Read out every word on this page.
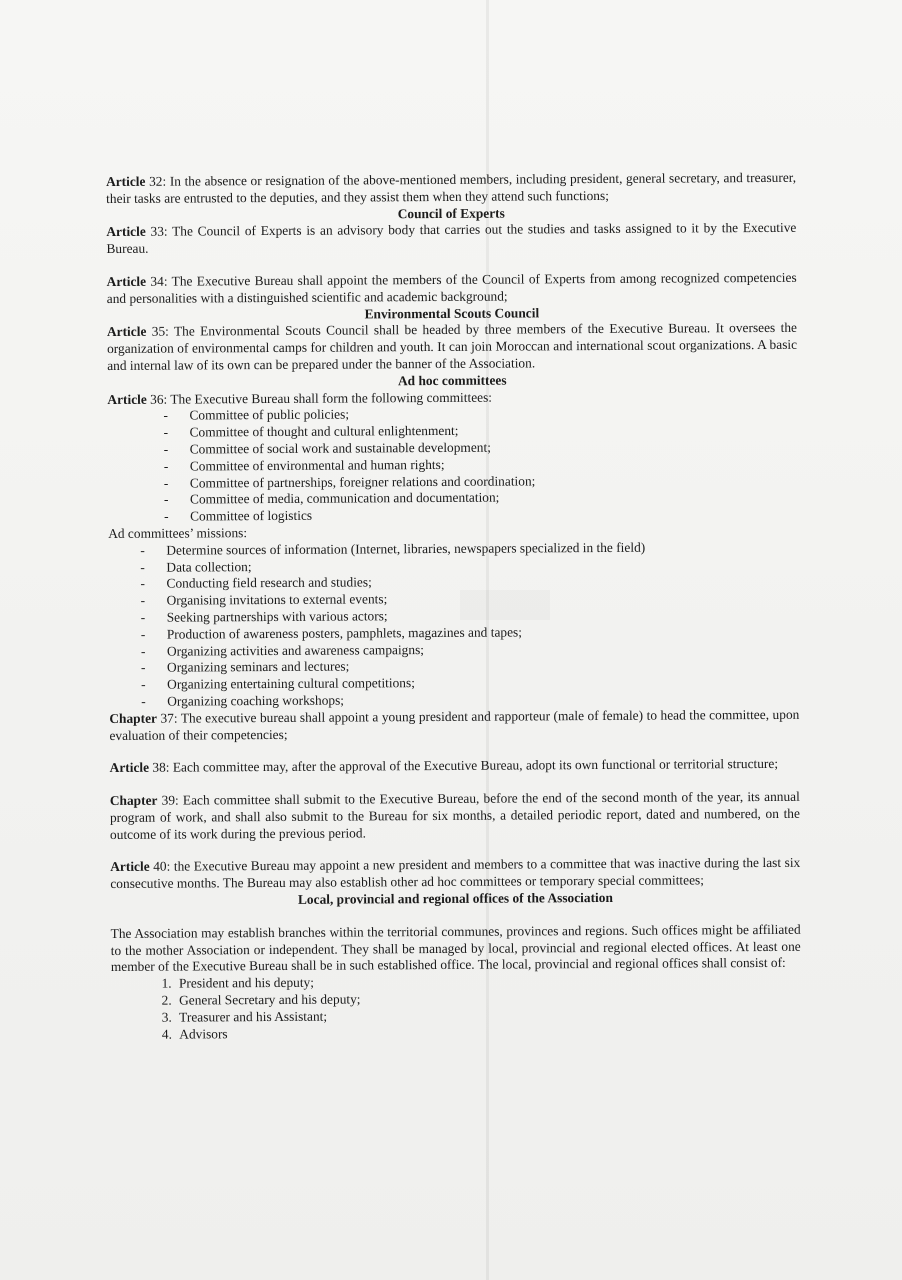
Article 32: In the absence or resignation of the above-mentioned members, including president, general secretary, and treasurer, their tasks are entrusted to the deputies, and they assist them when they attend such functions;

Council of Experts

Article 33: The Council of Experts is an advisory body that carries out the studies and tasks assigned to it by the Executive Bureau.

Article 34: The Executive Bureau shall appoint the members of the Council of Experts from among recognized competencies and personalities with a distinguished scientific and academic background;

Environmental Scouts Council

Article 35: The Environmental Scouts Council shall be headed by three members of the Executive Bureau. It oversees the organization of environmental camps for children and youth. It can join Moroccan and international scout organizations. A basic and internal law of its own can be prepared under the banner of the Association.

Ad hoc committees

Article 36: The Executive Bureau shall form the following committees:

- Committee of public policies;
- Committee of thought and cultural enlightenment;
- Committee of social work and sustainable development;
- Committee of environmental and human rights;
- Committee of partnerships, foreigner relations and coordination;
- Committee of media, communication and documentation;
- Committee of logistics

Ad committees’ missions:

- Determine sources of information (Internet, libraries, newspapers specialized in the field)
- Data collection;
- Conducting field research and studies;
- Organising invitations to external events;
- Seeking partnerships with various actors;
- Production of awareness posters, pamphlets, magazines and tapes;
- Organizing activities and awareness campaigns;
- Organizing seminars and lectures;
- Organizing entertaining cultural competitions;
- Organizing coaching workshops;

Chapter 37: The executive bureau shall appoint a young president and rapporteur (male of female) to head the committee, upon evaluation of their competencies;

Article 38: Each committee may, after the approval of the Executive Bureau, adopt its own functional or territorial structure;

Chapter 39: Each committee shall submit to the Executive Bureau, before the end of the second month of the year, its annual program of work, and shall also submit to the Bureau for six months, a detailed periodic report, dated and numbered, on the outcome of its work during the previous period.

Article 40: the Executive Bureau may appoint a new president and members to a committee that was inactive during the last six consecutive months. The Bureau may also establish other ad hoc committees or temporary special committees;

Local, provincial and regional offices of the Association

The Association may establish branches within the territorial communes, provinces and regions. Such offices might be affiliated to the mother Association or independent. They shall be managed by local, provincial and regional elected offices. At least one member of the Executive Bureau shall be in such established office. The local, provincial and regional offices shall consist of:

1. President and his deputy;
2. General Secretary and his deputy;
3. Treasurer and his Assistant;
4. Advisors
